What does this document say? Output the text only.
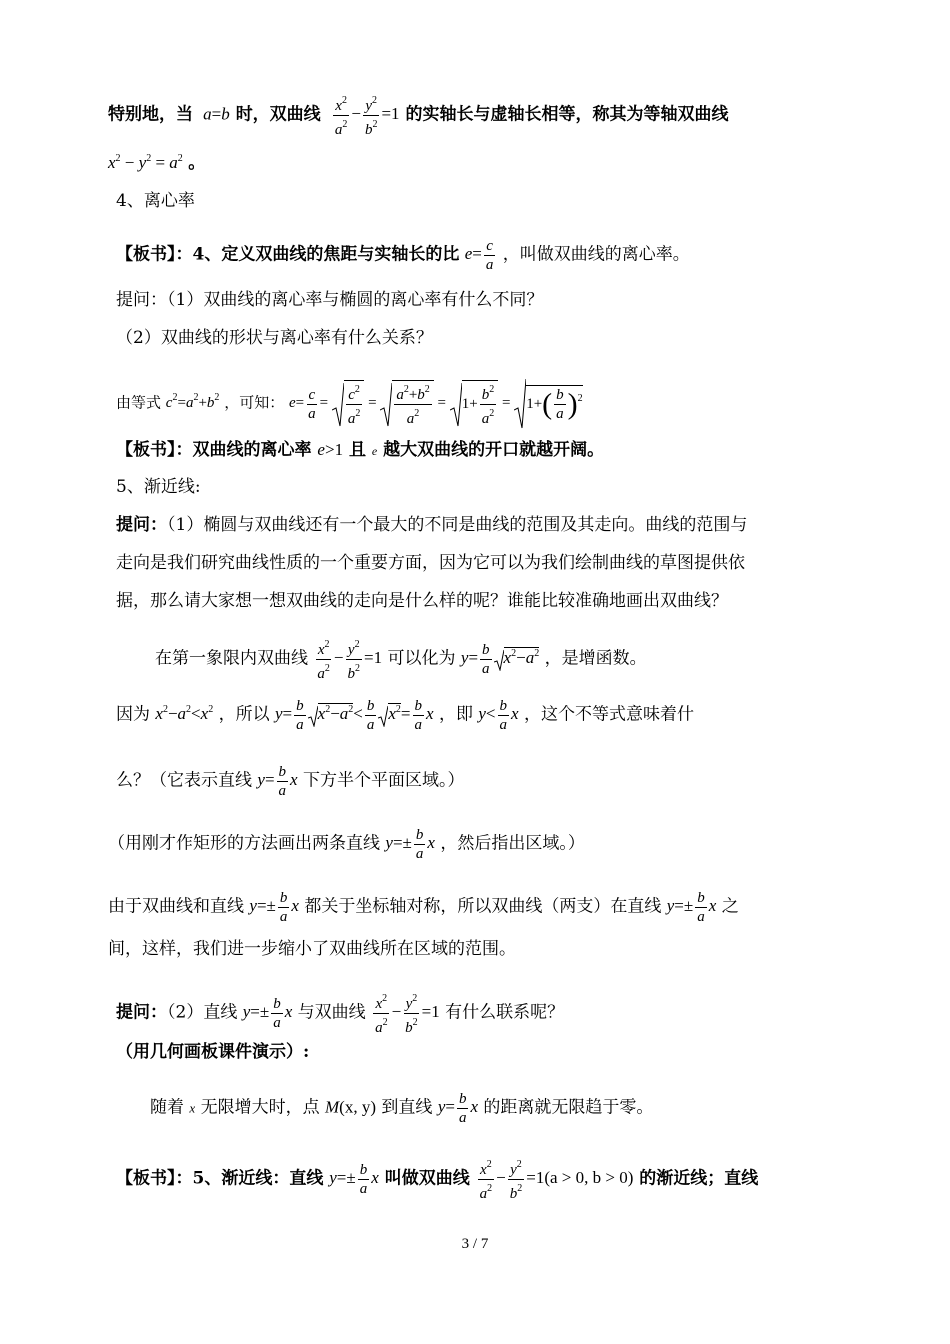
特别地，当 a=b 时，双曲线 $\frac{x^2}{a^2} - \frac{y^2}{b^2} =1$ 的实轴长与虚轴长相等，称其为等轴双曲线
$x^2 - y^2 = a^2$ 。
4、离心率
【板书】：4、定义双曲线的焦距与实轴长的比 $e= \frac{c}{a}$ ，叫做双曲线的离心率。
提问：（1）双曲线的离心率与椭圆的离心率有什么不同？
（2）双曲线的形状与离心率有什么关系？
由等式 $c^2=a^2+b^2$ ，可知： $e= \frac{c}{a} = \frac{c^2}{a^2} = \frac{a^2+b^2}{a^2} = 1+ \frac{b^2}{a^2} = 1+( \frac{b}{a} )^2$
【板书】：双曲线的离心率 e>1 且 e 越大双曲线的开口就越开阔。
5、渐近线:
提问：（1）椭圆与双曲线还有一个最大的不同是曲线的范围及其走向。曲线的范围与
走向是我们研究曲线性质的一个重要方面，因为它可以为我们绘制曲线的草图提供依
据，那么请大家想一想双曲线的走向是什么样的呢？谁能比较准确地画出双曲线？
在第一象限内双曲线 $\frac{x^2}{a^2} - \frac{y^2}{b^2} =1$ 可以化为 $y= \frac{b}{a} x^2-a^2$ ，是增函数。
因为 $x^2-a^2<x^2$ ，所以 $y= \frac{b}{a} x^2-a^2< \frac{b}{a} x^2= \frac{b}{a}$ x ，即 $y< \frac{b}{a}$ x ，这个不等式意味着什
么？（它表示直线 $y= \frac{b}{a}$ x 下方半个平面区域。）
（用刚才作矩形的方法画出两条直线 $y=\pm \frac{b}{a}$ x ，然后指出区域。）
由于双曲线和直线 $y=\pm \frac{b}{a}$ x 都关于坐标轴对称，所以双曲线（两支）在直线 $y=\pm \frac{b}{a}$ x 之
间，这样，我们进一步缩小了双曲线所在区域的范围。
提问：（2）直线 $y=\pm \frac{b}{a}$ x 与双曲线 $\frac{x^2}{a^2} - \frac{y^2}{b^2} =1$ 有什么联系呢？
（用几何画板课件演示）:
随着 x 无限增大时，点 M(x, y) 到直线 $y= \frac{b}{a}$ x 的距离就无限趋于零。
【板书】：5、渐近线：直线 $y=\pm \frac{b}{a}$ x 叫做双曲线 $\frac{x^2}{a^2} - \frac{y^2}{b^2} =1(a > 0$, b > 0) 的渐近线；直线
3 / 7
